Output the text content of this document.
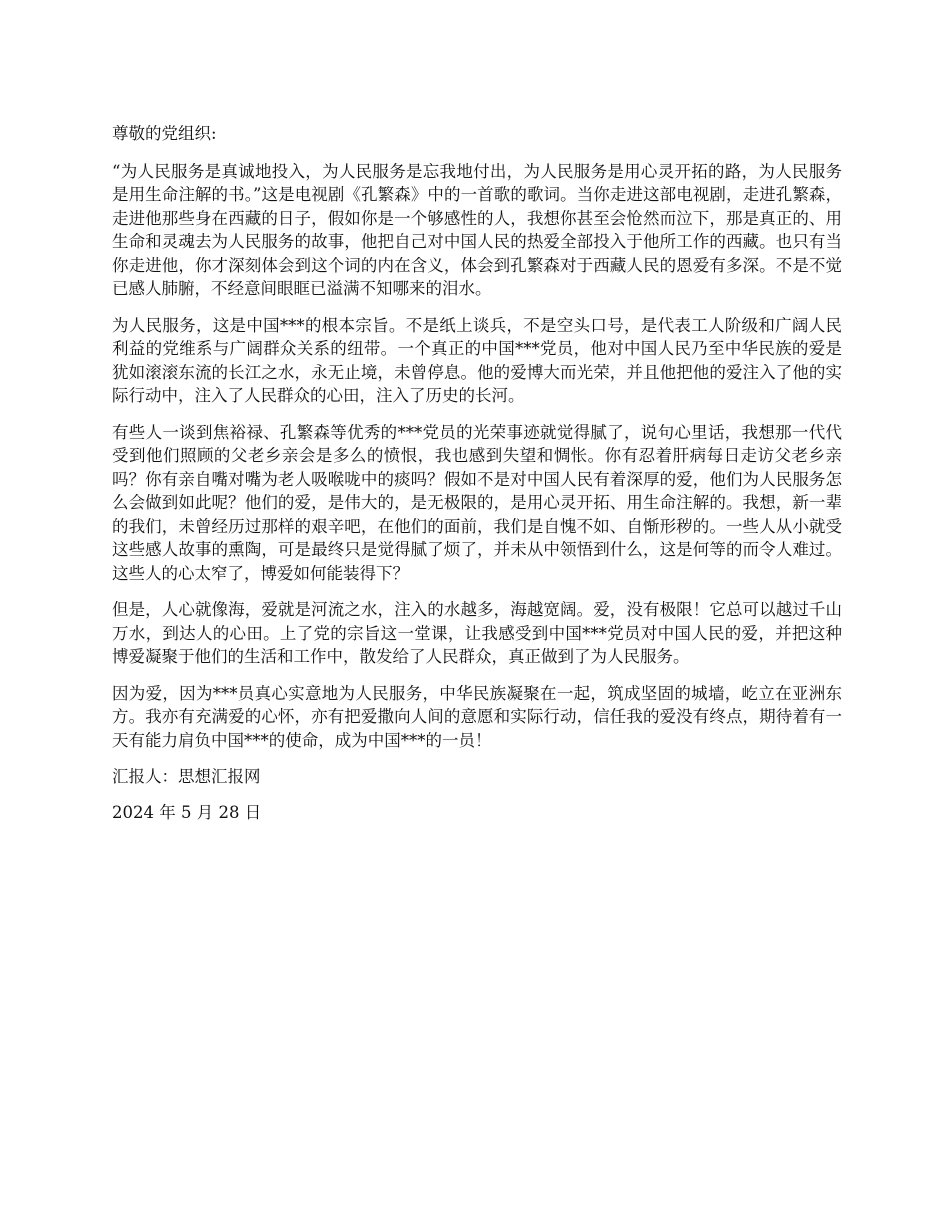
尊敬的党组织:

“为人民服务是真诚地投入，为人民服务是忘我地付出，为人民服务是用心灵开拓的路，为人民服务是用生命注解的书。”这是电视剧《孔繁森》中的一首歌的歌词。当你走进这部电视剧，走进孔繁森，走进他那些身在西藏的日子，假如你是一个够感性的人，我想你甚至会怆然而泣下，那是真正的、用生命和灵魂去为人民服务的故事，他把自己对中国人民的热爱全部投入于他所工作的西藏。也只有当你走进他，你才深刻体会到这个词的内在含义，体会到孔繁森对于西藏人民的恩爱有多深。不是不觉已感人肺腑，不经意间眼眶已溢满不知哪来的泪水。

为人民服务，这是中国***的根本宗旨。不是纸上谈兵，不是空头口号，是代表工人阶级和广阔人民利益的党维系与广阔群众关系的纽带。一个真正的中国***党员，他对中国人民乃至中华民族的爱是犹如滚滚东流的长江之水，永无止境，未曾停息。他的爱博大而光荣，并且他把他的爱注入了他的实际行动中，注入了人民群众的心田，注入了历史的长河。

有些人一谈到焦裕禄、孔繁森等优秀的***党员的光荣事迹就觉得腻了，说句心里话，我想那一代代受到他们照顾的父老乡亲会是多么的愤恨，我也感到失望和惆怅。你有忍着肝病每日走访父老乡亲吗？你有亲自嘴对嘴为老人吸喉咙中的痰吗？假如不是对中国人民有着深厚的爱，他们为人民服务怎么会做到如此呢？他们的爱，是伟大的，是无极限的，是用心灵开拓、用生命注解的。我想，新一辈的我们，未曾经历过那样的艰辛吧，在他们的面前，我们是自愧不如、自惭形秽的。一些人从小就受这些感人故事的熏陶，可是最终只是觉得腻了烦了，并未从中领悟到什么，这是何等的而令人难过。这些人的心太窄了，博爱如何能装得下？

但是，人心就像海，爱就是河流之水，注入的水越多，海越宽阔。爱，没有极限！它总可以越过千山万水，到达人的心田。上了党的宗旨这一堂课，让我感受到中国***党员对中国人民的爱，并把这种博爱凝聚于他们的生活和工作中，散发给了人民群众，真正做到了为人民服务。

因为爱，因为***员真心实意地为人民服务，中华民族凝聚在一起，筑成坚固的城墙，屹立在亚洲东方。我亦有充满爱的心怀，亦有把爱撒向人间的意愿和实际行动，信任我的爱没有终点，期待着有一天有能力肩负中国***的使命，成为中国***的一员！

汇报人：思想汇报网

2024 年 5 月 28 日
